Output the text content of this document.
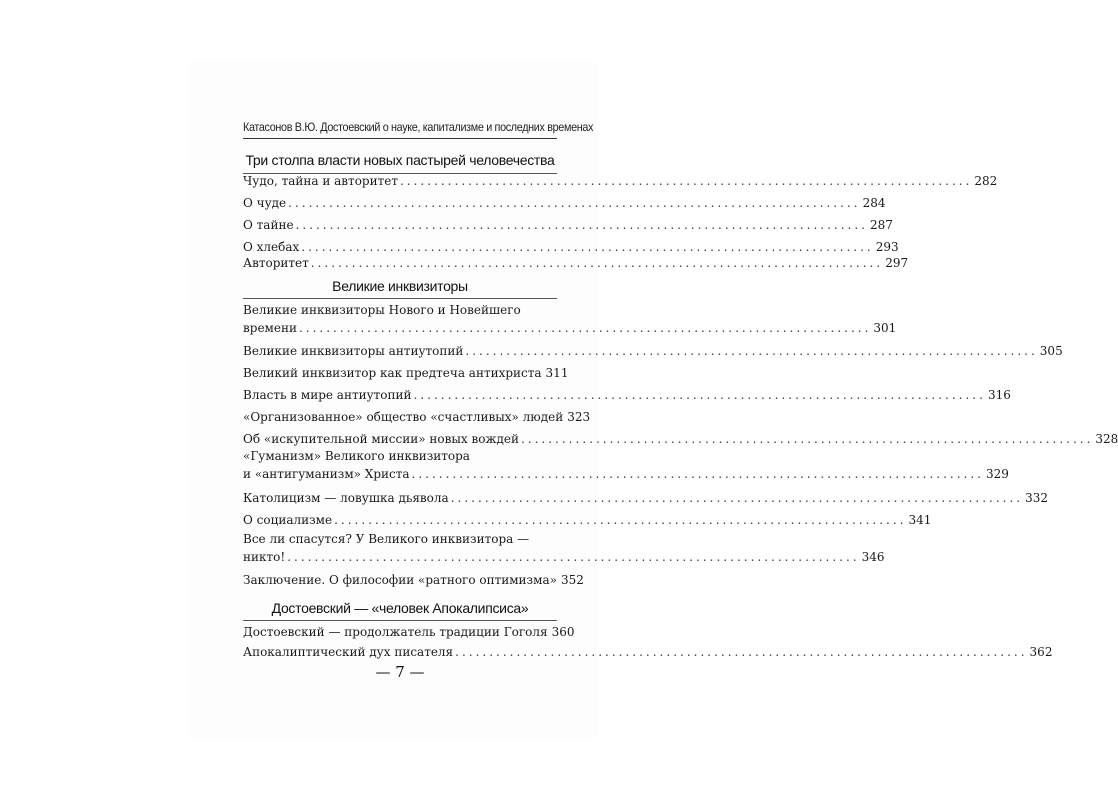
Катасонов В.Ю. Достоевский о науке, капитализме и последних временах
Три столпа власти новых пастырей человечества
Чудо, тайна и авторитет .................................................................................... 282
О чуде .................................................................................... 284
О тайне .................................................................................... 287
О хлебах .................................................................................... 293
Авторитет .................................................................................... 297
Великие инквизиторы
Великие инквизиторы Нового и Новейшего
времени .................................................................................... 301
Великие инквизиторы антиутопий .................................................................................... 305
Великий инквизитор как предтеча антихриста 311
Власть в мире антиутопий .................................................................................... 316
«Организованное» общество «счастливых» людей 323
Об «искупительной миссии» новых вождей .................................................................................... 328
«Гуманизм» Великого инквизитора
и «антигуманизм» Христа .................................................................................... 329
Католицизм — ловушка дьявола .................................................................................... 332
О социализме .................................................................................... 341
Все ли спасутся? У Великого инквизитора —
никто! .................................................................................... 346
Заключение. О философии «ратного оптимизма» 352
Достоевский — «человек Апокалипсиса»
Достоевский — продолжатель традиции Гоголя 360
Апокалиптический дух писателя .................................................................................... 362
— 7 —
